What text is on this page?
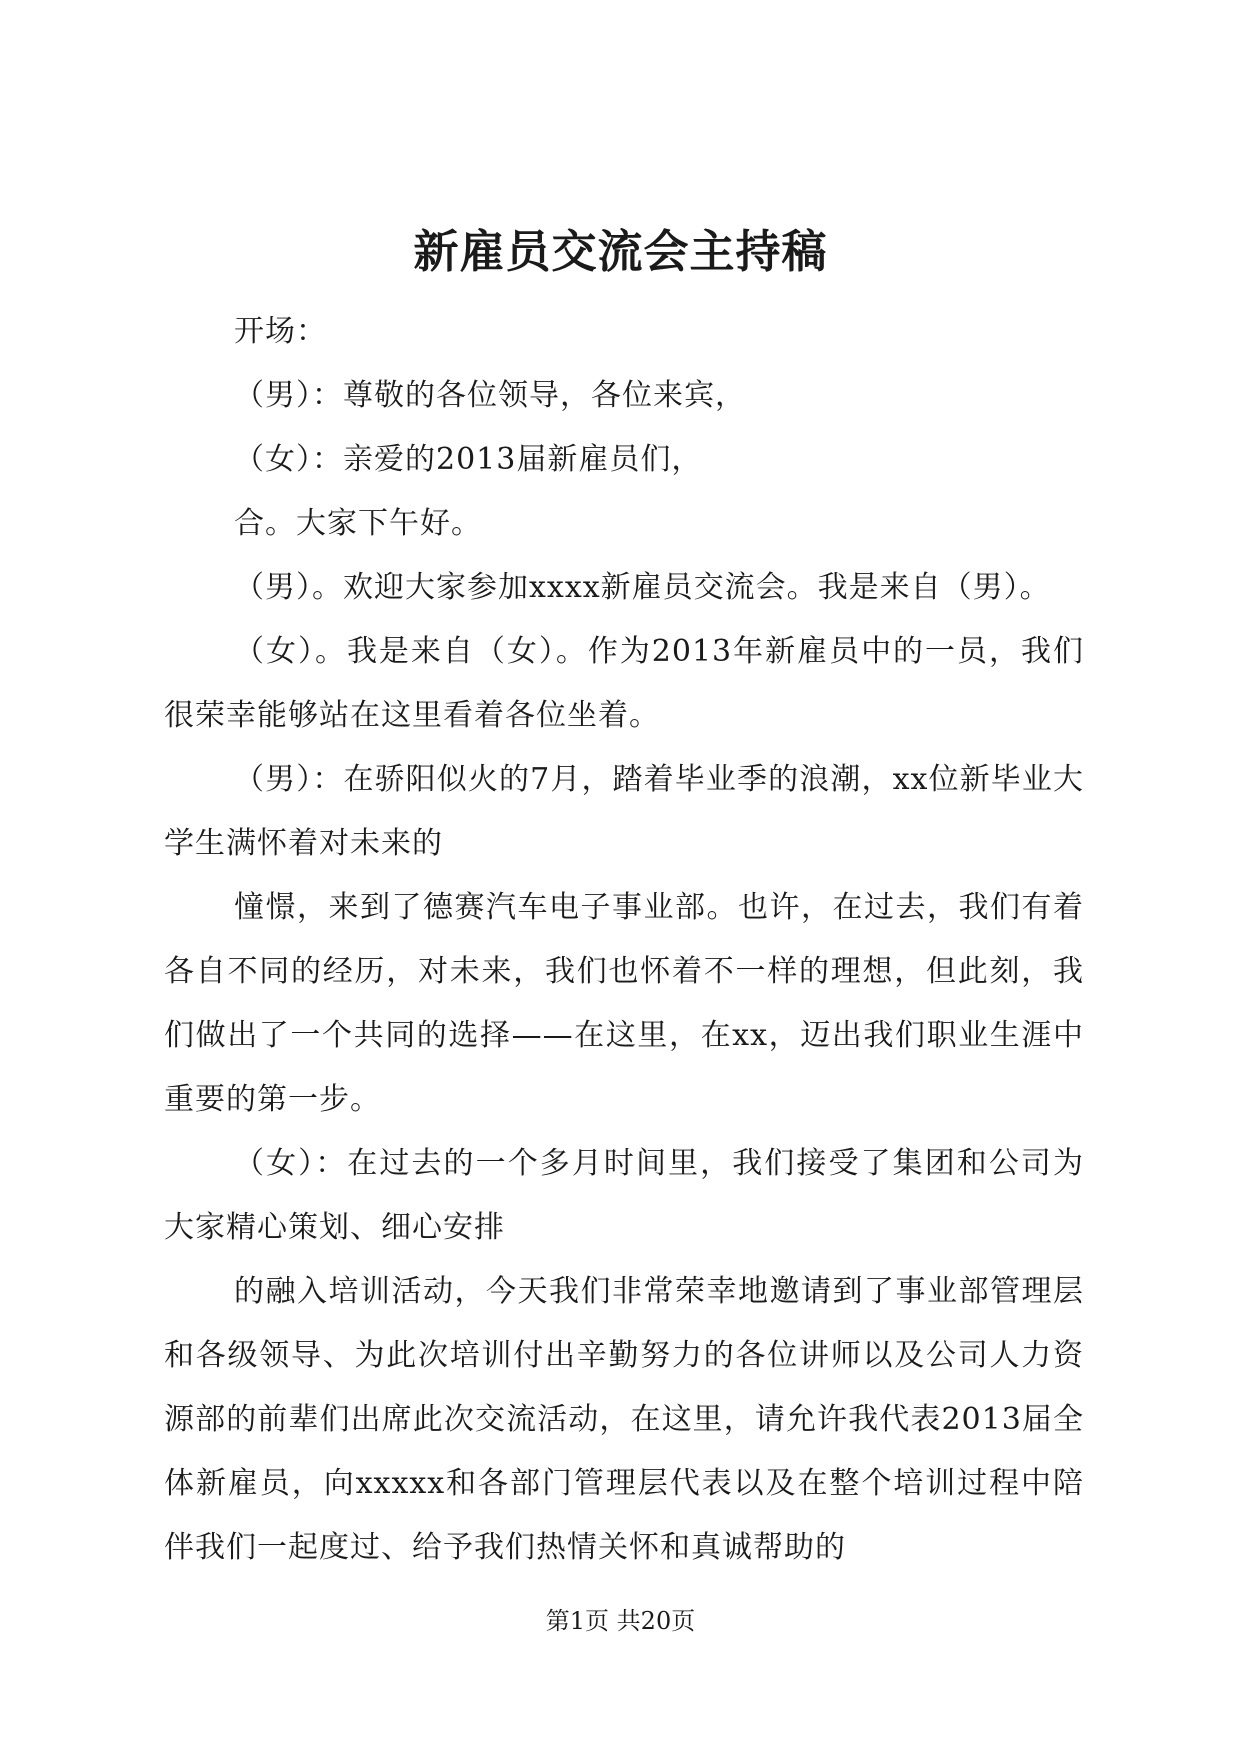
新雇员交流会主持稿

开场：

（男）：尊敬的各位领导，各位来宾，

（女）：亲爱的2013届新雇员们，

合。大家下午好。

（男）。欢迎大家参加xxxx新雇员交流会。我是来自（男）。

（女）。我是来自（女）。作为2013年新雇员中的一员，我们很荣幸能够站在这里看着各位坐着。

（男）：在骄阳似火的7月，踏着毕业季的浪潮，xx位新毕业大学生满怀着对未来的

憧憬，来到了德赛汽车电子事业部。也许，在过去，我们有着各自不同的经历，对未来，我们也怀着不一样的理想，但此刻，我们做出了一个共同的选择——在这里，在xx，迈出我们职业生涯中重要的第一步。

（女）：在过去的一个多月时间里，我们接受了集团和公司为大家精心策划、细心安排

的融入培训活动，今天我们非常荣幸地邀请到了事业部管理层和各级领导、为此次培训付出辛勤努力的各位讲师以及公司人力资源部的前辈们出席此次交流活动，在这里，请允许我代表2013届全体新雇员，向xxxxx和各部门管理层代表以及在整个培训过程中陪伴我们一起度过、给予我们热情关怀和真诚帮助的

第1页 共20页
